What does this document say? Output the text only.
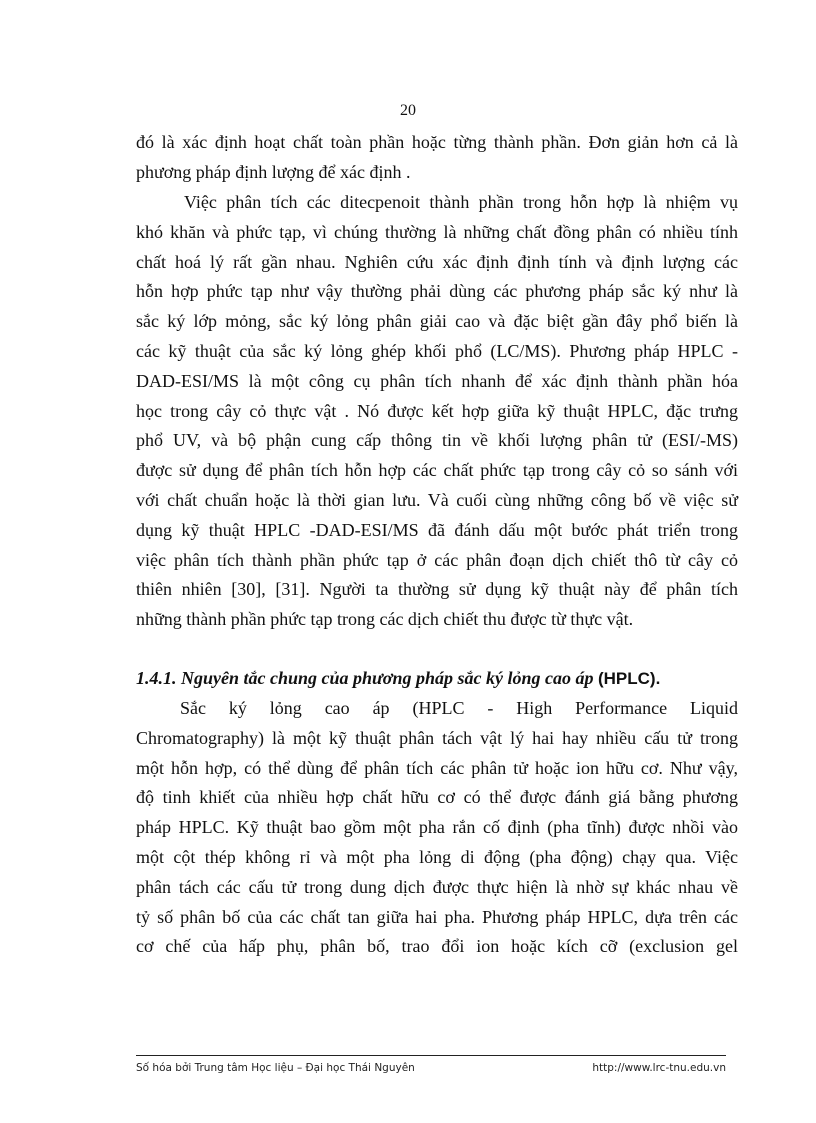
20
đó là xác định hoạt chất toàn phần hoặc từng thành phần. Đơn giản hơn cả là
phương pháp định lượng để xác định .
Việc phân tích các ditecpenoit thành phần trong hỗn hợp là nhiệm vụ
khó khăn và phức tạp, vì chúng thường là những chất đồng phân có nhiều tính
chất hoá lý rất gần nhau. Nghiên cứu xác định định tính và định lượng các
hỗn hợp phức tạp như vậy thường phải dùng các phương pháp sắc ký như là
sắc ký lớp mỏng, sắc ký lỏng phân giải cao và đặc biệt gần đây phổ biến là
các kỹ thuật của sắc ký lỏng ghép khối phổ (LC/MS). Phương pháp HPLC -
DAD-ESI/MS là một công cụ phân tích nhanh để xác định thành phần hóa
học trong cây cỏ thực vật . Nó được kết hợp giữa kỹ thuật HPLC, đặc trưng
phổ UV, và bộ phận cung cấp thông tin về khối lượng phân tử (ESI/-MS)
được sử dụng để phân tích hỗn hợp các chất phức tạp trong cây cỏ so sánh với
với chất chuẩn hoặc là thời gian lưu. Và cuối cùng những công bố về việc sử
dụng kỹ thuật HPLC -DAD-ESI/MS đã đánh dấu một bước phát triển trong
việc phân tích thành phần phức tạp ở các phân đoạn dịch chiết thô từ cây cỏ
thiên nhiên [30], [31]. Người ta thường sử dụng kỹ thuật này để phân tích
những thành phần phức tạp trong các dịch chiết thu được từ thực vật.
1.4.1. Nguyên tắc chung của phương pháp sắc ký lỏng cao áp (HPLC).
Sắc ký lỏng cao áp (HPLC - High Performance Liquid
Chromatography) là một kỹ thuật phân tách vật lý hai hay nhiều cấu tử trong
một hỗn hợp, có thể dùng để phân tích các phân tử hoặc ion hữu cơ. Như vậy,
độ tinh khiết của nhiều hợp chất hữu cơ có thể được đánh giá bằng phương
pháp HPLC. Kỹ thuật bao gồm một pha rắn cố định (pha tĩnh) được nhồi vào
một cột thép không rỉ và một pha lỏng di động (pha động) chạy qua. Việc
phân tách các cấu tử trong dung dịch được thực hiện là nhờ sự khác nhau về
tỷ số phân bố của các chất tan giữa hai pha. Phương pháp HPLC, dựa trên các
cơ chế của hấp phụ, phân bố, trao đổi ion hoặc kích cỡ (exclusion gel
Số hóa bởi Trung tâm Học liệu – Đại học Thái Nguyên	http://www.lrc-tnu.edu.vn
